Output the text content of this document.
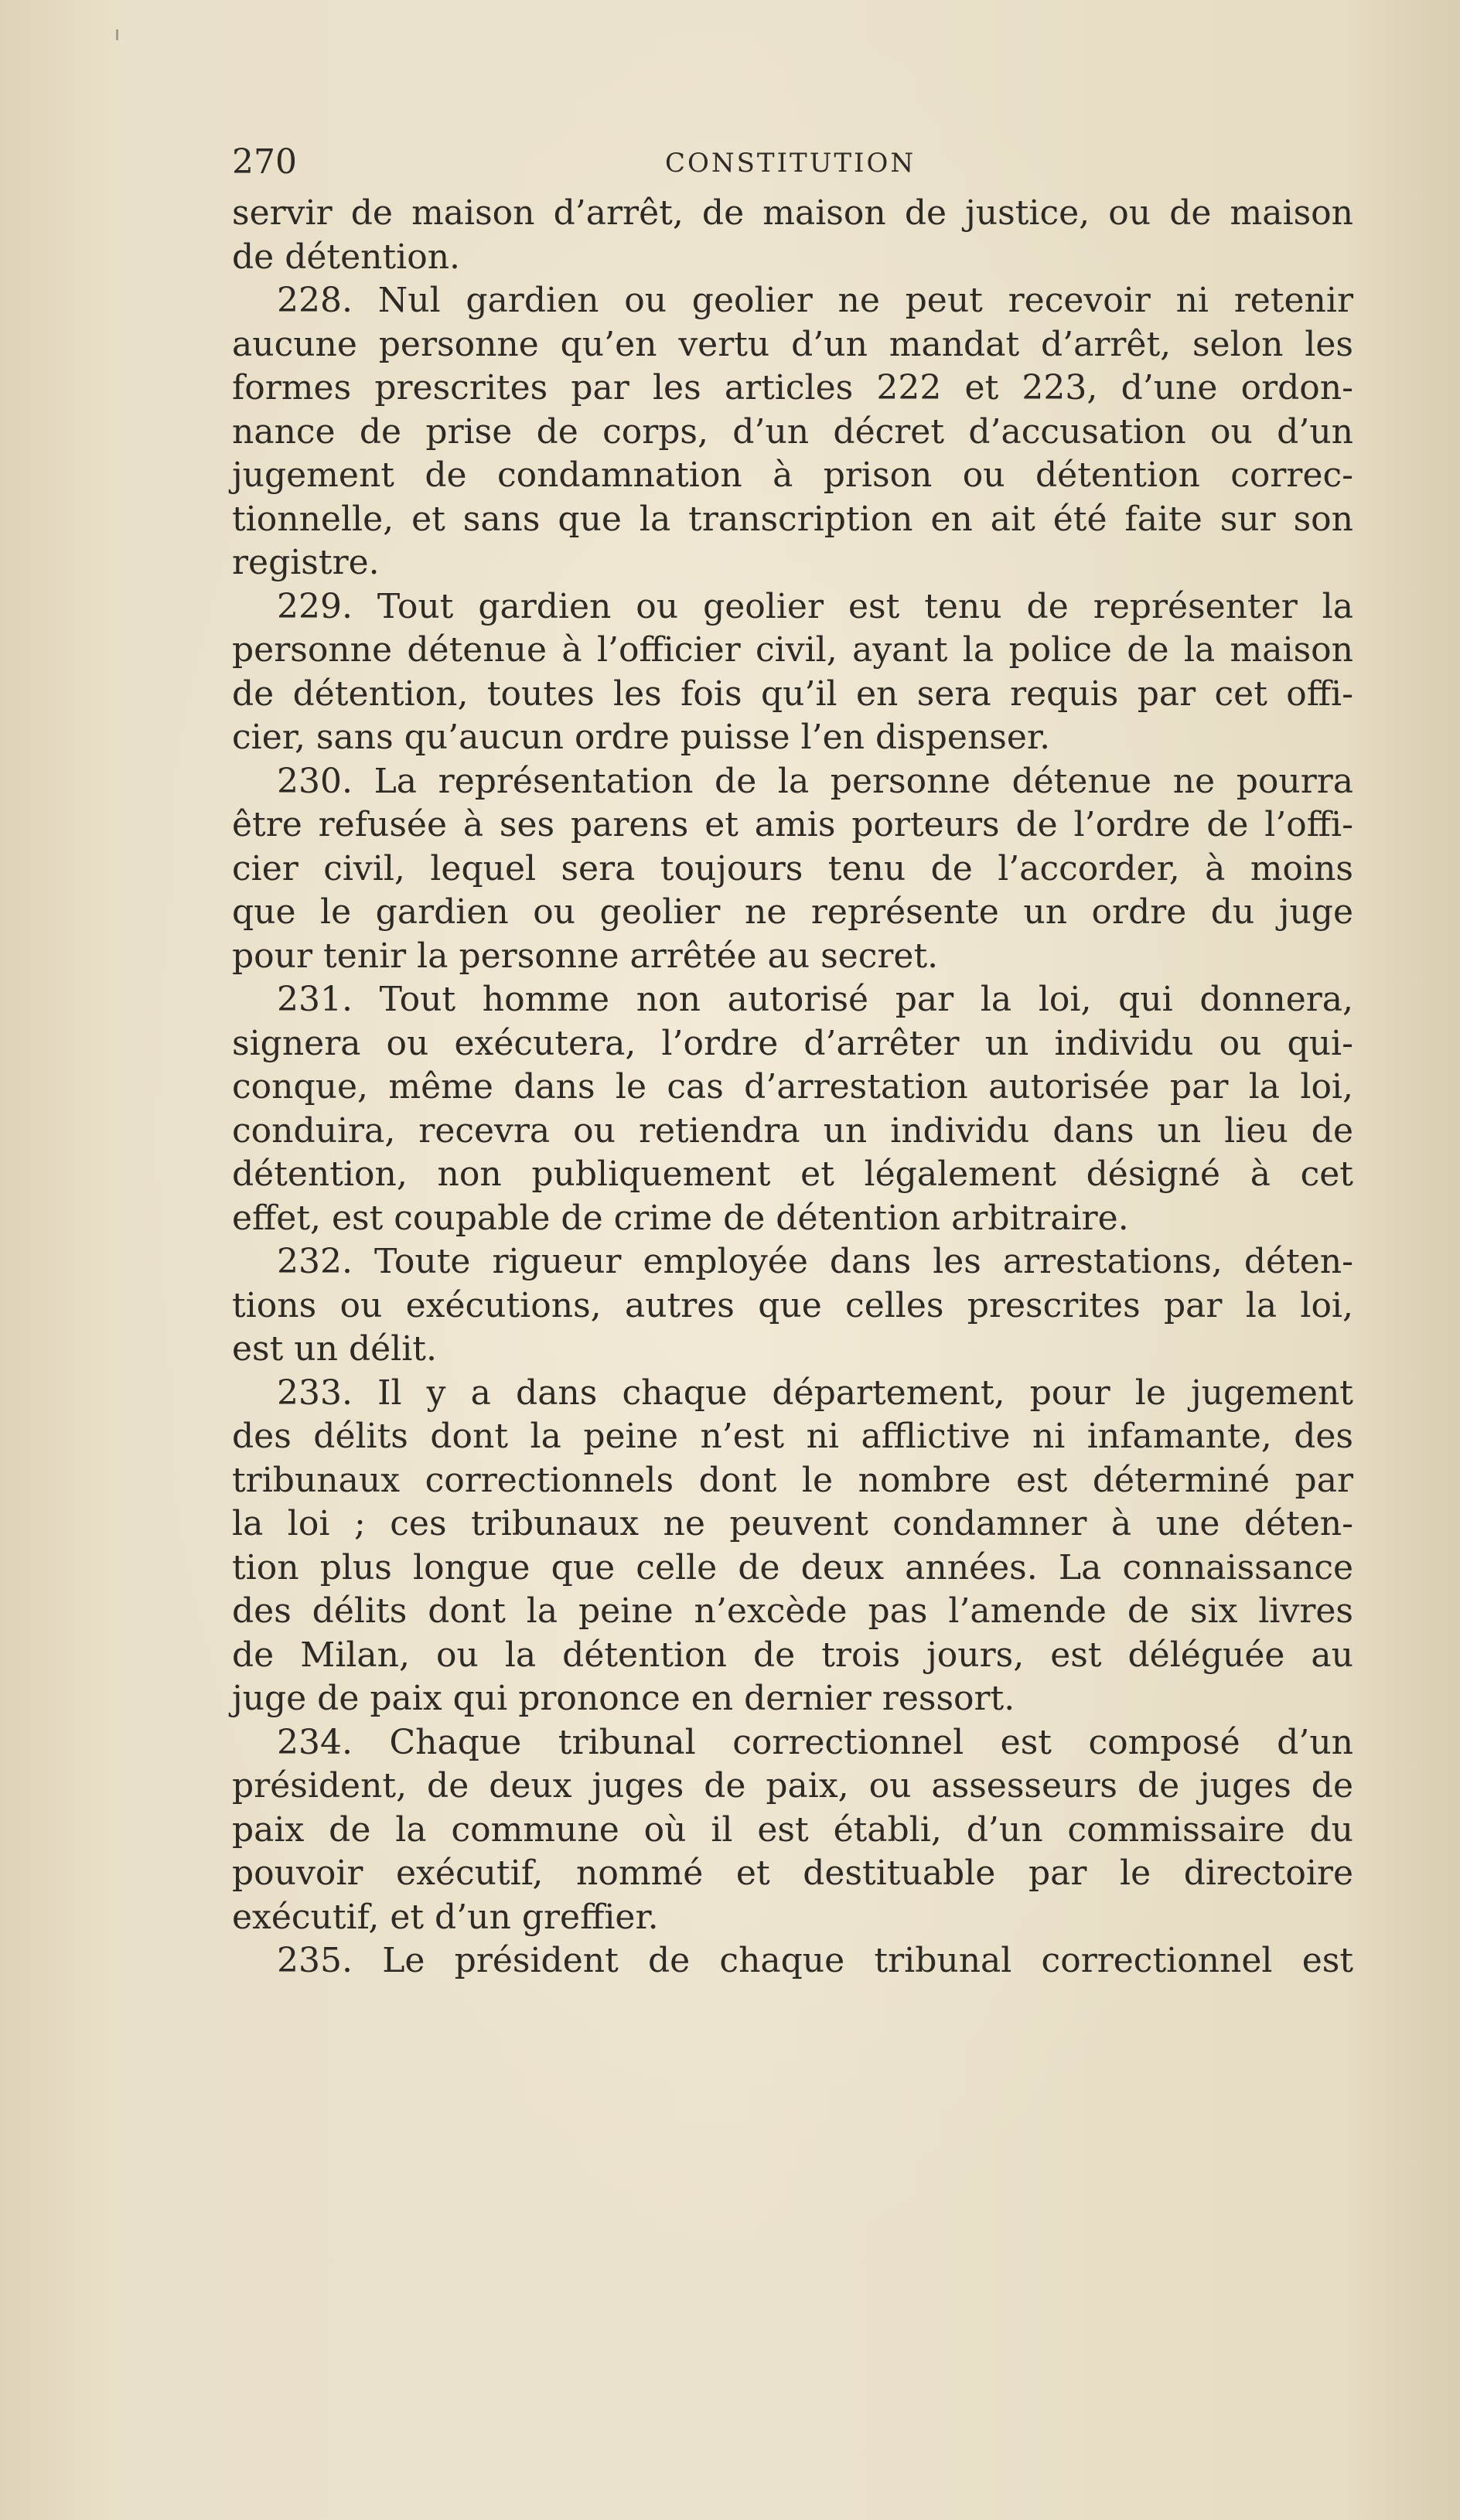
270	CONSTITUTION
servir de maison d’arrêt, de maison de justice, ou de maison
de détention.
228. Nul gardien ou geolier ne peut recevoir ni retenir
aucune personne qu’en vertu d’un mandat d’arrêt, selon les
formes prescrites par les articles 222 et 223, d’une ordon-
nance de prise de corps, d’un décret d’accusation ou d’un
jugement de condamnation à prison ou détention correc-
tionnelle, et sans que la transcription en ait été faite sur son
registre.
229. Tout gardien ou geolier est tenu de représenter la
personne détenue à l’officier civil, ayant la police de la maison
de détention, toutes les fois qu’il en sera requis par cet offi-
cier, sans qu’aucun ordre puisse l’en dispenser.
230. La représentation de la personne détenue ne pourra
être refusée à ses parens et amis porteurs de l’ordre de l’offi-
cier civil, lequel sera toujours tenu de l’accorder, à moins
que le gardien ou geolier ne représente un ordre du juge
pour tenir la personne arrêtée au secret.
231. Tout homme non autorisé par la loi, qui donnera,
signera ou exécutera, l’ordre d’arrêter un individu ou qui-
conque, même dans le cas d’arrestation autorisée par la loi,
conduira, recevra ou retiendra un individu dans un lieu de
détention, non publiquement et légalement désigné à cet
effet, est coupable de crime de détention arbitraire.
232. Toute rigueur employée dans les arrestations, déten-
tions ou exécutions, autres que celles prescrites par la loi,
est un délit.
233. Il y a dans chaque département, pour le jugement
des délits dont la peine n’est ni afflictive ni infamante, des
tribunaux correctionnels dont le nombre est déterminé par
la loi ; ces tribunaux ne peuvent condamner à une déten-
tion plus longue que celle de deux années. La connaissance
des délits dont la peine n’excède pas l’amende de six livres
de Milan, ou la détention de trois jours, est déléguée au
juge de paix qui prononce en dernier ressort.
234. Chaque tribunal correctionnel est composé d’un
président, de deux juges de paix, ou assesseurs de juges de
paix de la commune où il est établi, d’un commissaire du
pouvoir exécutif, nommé et destituable par le directoire
exécutif, et d’un greffier.
235. Le président de chaque tribunal correctionnel est
